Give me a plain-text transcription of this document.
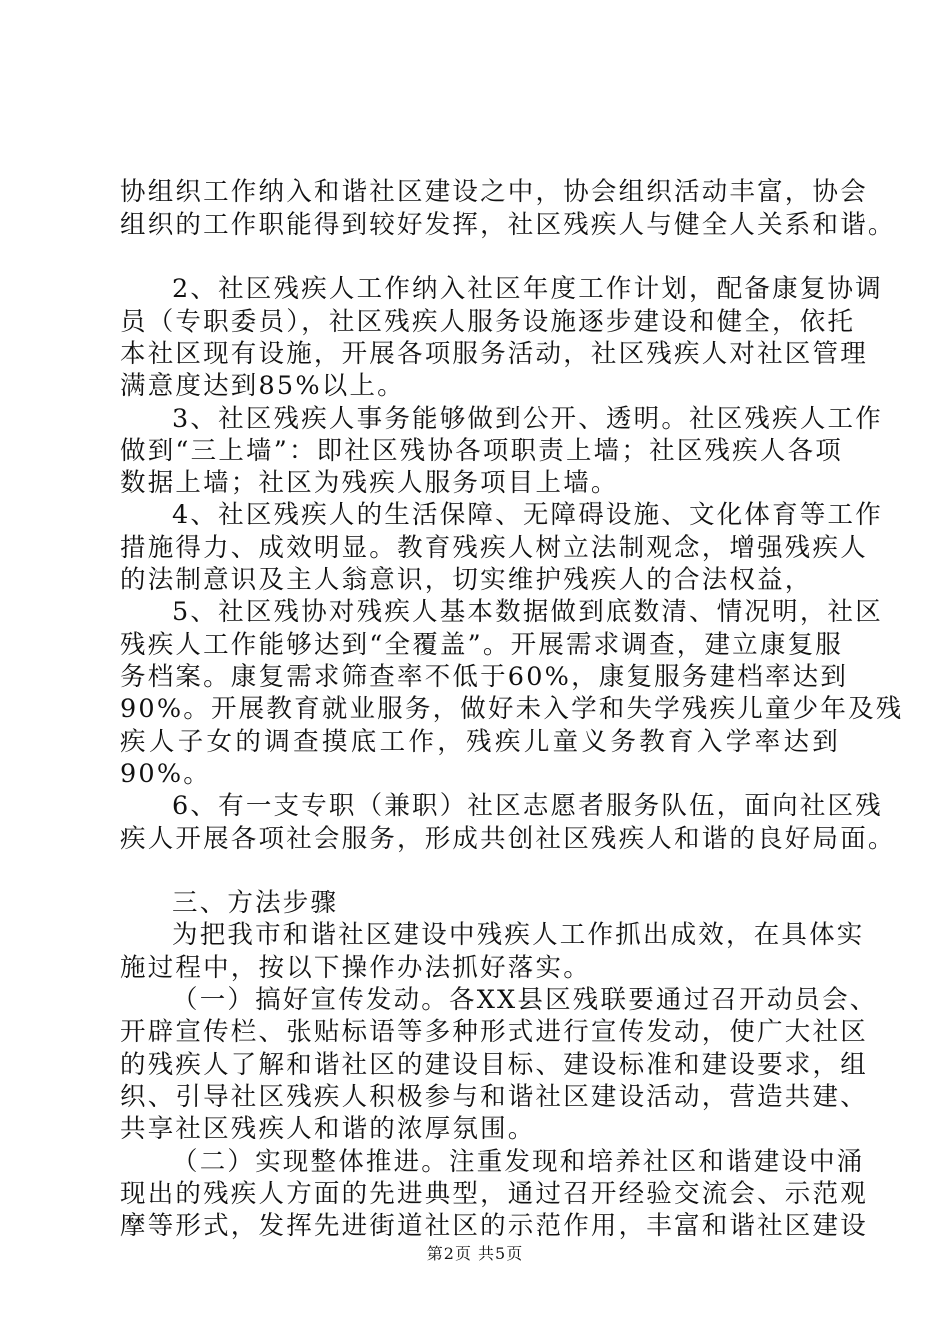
协组织工作纳入和谐社区建设之中，协会组织活动丰富，协会
组织的工作职能得到较好发挥，社区残疾人与健全人关系和谐。
2、社区残疾人工作纳入社区年度工作计划，配备康复协调
员（专职委员），社区残疾人服务设施逐步建设和健全，依托
本社区现有设施，开展各项服务活动，社区残疾人对社区管理
满意度达到85%以上。
3、社区残疾人事务能够做到公开、透明。社区残疾人工作
做到“三上墙”：即社区残协各项职责上墙；社区残疾人各项
数据上墙；社区为残疾人服务项目上墙。
4、社区残疾人的生活保障、无障碍设施、文化体育等工作
措施得力、成效明显。教育残疾人树立法制观念，增强残疾人
的法制意识及主人翁意识，切实维护残疾人的合法权益，
5、社区残协对残疾人基本数据做到底数清、情况明，社区
残疾人工作能够达到“全覆盖”。开展需求调查，建立康复服
务档案。康复需求筛查率不低于60%，康复服务建档率达到
90%。开展教育就业服务，做好未入学和失学残疾儿童少年及残
疾人子女的调查摸底工作，残疾儿童义务教育入学率达到
90%。
6、有一支专职（兼职）社区志愿者服务队伍，面向社区残
疾人开展各项社会服务，形成共创社区残疾人和谐的良好局面。
三、方法步骤
为把我市和谐社区建设中残疾人工作抓出成效，在具体实
施过程中，按以下操作办法抓好落实。
（一）搞好宣传发动。各XX县区残联要通过召开动员会、
开辟宣传栏、张贴标语等多种形式进行宣传发动，使广大社区
的残疾人了解和谐社区的建设目标、建设标准和建设要求，组
织、引导社区残疾人积极参与和谐社区建设活动，营造共建、
共享社区残疾人和谐的浓厚氛围。
（二）实现整体推进。注重发现和培养社区和谐建设中涌
现出的残疾人方面的先进典型，通过召开经验交流会、示范观
摩等形式，发挥先进街道社区的示范作用，丰富和谐社区建设
第2页 共5页
